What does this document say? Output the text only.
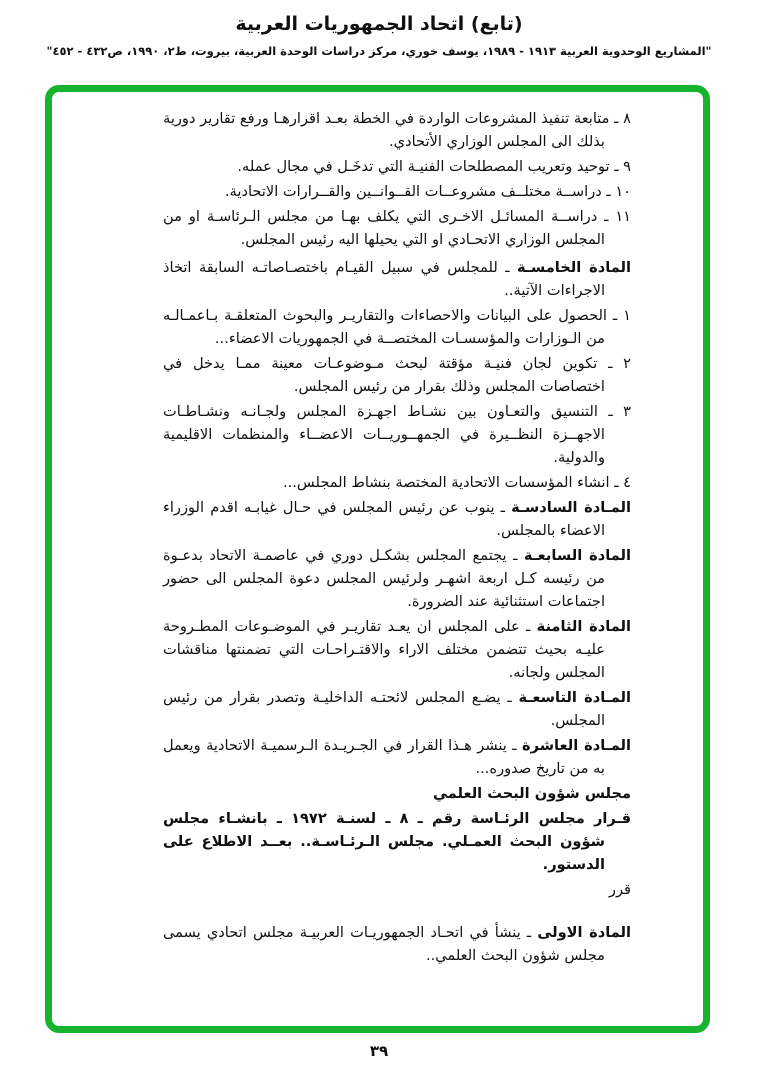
(تابع) اتحاد الجمهوريات العربية
"المشاريع الوحدوية العربية ١٩١٣ - ١٩٨٩، يوسف خوري، مركز دراسات الوحدة العربية، بيروت، ط٢، ١٩٩٠، ص٤٣٢ - ٤٥٢"

٨ ـ متابعة تنفيذ المشروعات الواردة في الخطة بعـد اقرارهـا ورفع تقارير دورية بذلك الى المجلس الوزاري الأتحادي.

٩ ـ توحيد وتعريب المصطلحات الفنيـة التي تدخَـل في مجال عمله.

١٠ ـ دراســة مختلــف مشروعــات القــوانــين والقــرارات الاتحادية.

١١ ـ دراســة المسائـل الاخـرى التي يكلف بهـا من مجلس الـرئاسـة او من المجلس الوزاري الاتحـادي او التي يحيلها اليه رئيس المجلس.

المادة الخامسـة ـ للمجلس في سبيل القيـام باختصـاصاتـه السابقة اتخاذ الاجراءات الآتية..

١ ـ الحصول على البيانات والاحصاءات والتقاريـر والبحوث المتعلقـة بـاعمـالـه من الـوزارات والمؤسسـات المختصــة في الجمهوريات الاعضاء...

٢ ـ تكوين لجان فنيـة مؤقتة لبحث مـوضوعـات معينة ممـا يدخل في اختصاصات المجلس وذلك بقرار من رئيس المجلس.

٣ ـ التنسيق والتعـاون بين نشـاط اجهـزة المجلس ولجـانـه ونشـاطـات الاجهــزة النظــيرة في الجمهــوريــات الاعضــاء والمنظمات الاقليمية والدولية.

٤ ـ انشاء المؤسسات الاتحادية المختصة بنشاط المجلس...

المـادة السادسـة ـ ينوب عن رئيس المجلس في حـال غيابـه اقدم الوزراء الاعضاء بالمجلس.

المادة السابعـة ـ يجتمع المجلس بشكـل دوري في عاصمـة الاتحاد بدعـوة من رئيسه كـل اربعة اشهـر ولرئيس المجلس دعوة المجلس الى حضور اجتماعات استثنائية عند الضرورة.

المادة الثامنة ـ على المجلس ان يعـد تقاريـر في الموضـوعات المطـروحة عليـه بحيث تتضمن مختلف الاراء والاقتـراحـات التي تضمنتها مناقشات المجلس ولجانه.

المـادة التاسعـة ـ يضـع المجلس لائحتـه الداخليـة وتصدر بقرار من رئيس المجلس.

المـادة العاشرة ـ ينشر هـذا القرار في الجـريـدة الـرسميـة الاتحادية ويعمل به من تاريخ صدوره...

مجلس شؤون البحث العلمي

قـرار مجلس الرئـاسة رقم ـ ٨ ـ لسنـة ١٩٧٢ ـ بانشـاء مجلس شؤون البحث العمـلي. مجلس الـرئـاسـة.. بعــد الاطلاع على الدستور.

قرر

المادة الاولى ـ ينشأ في اتحـاد الجمهوريـات العربيـة مجلس اتحادي يسمى مجلس شؤون البحث العلمي..

٣٩
